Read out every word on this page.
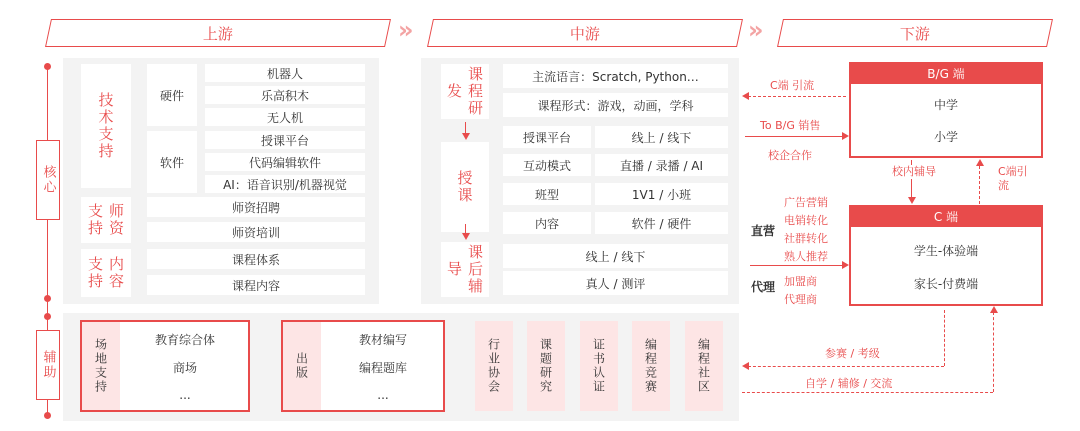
上游	»	中游	»	下游
核心
辅助
技术支持
师资支持
内容支持
硬件
软件
机器人
乐高积木
无人机
授课平台
代码编辑软件
AI：语音识别/机器视觉
师资招聘
师资培训
课程体系
课程内容
课程研发
授课
课后辅导
主流语言：Scratch, Python…
课程形式：游戏，动画，学科
授课平台	线上 / 线下
互动模式	直播 / 录播 / AI
班型	1V1 / 小班
内容	软件 / 硬件
线上 / 线下
真人 / 测评
B/G 端
中学
小学
C 端
学生-体验端
家长-付费端
C端 引流
To B/G 销售
校企合作
校内辅导	C端引流
直营
代理
广告营销
电销转化
社群转化
熟人推荐
加盟商
代理商
场地支持	教育综合体
商场
...
出版
教材编写
编程题库
...
行业协会	课题研究	证书认证	编程竞赛	编程社区	参赛 / 考级
自学 / 辅修 / 交流
